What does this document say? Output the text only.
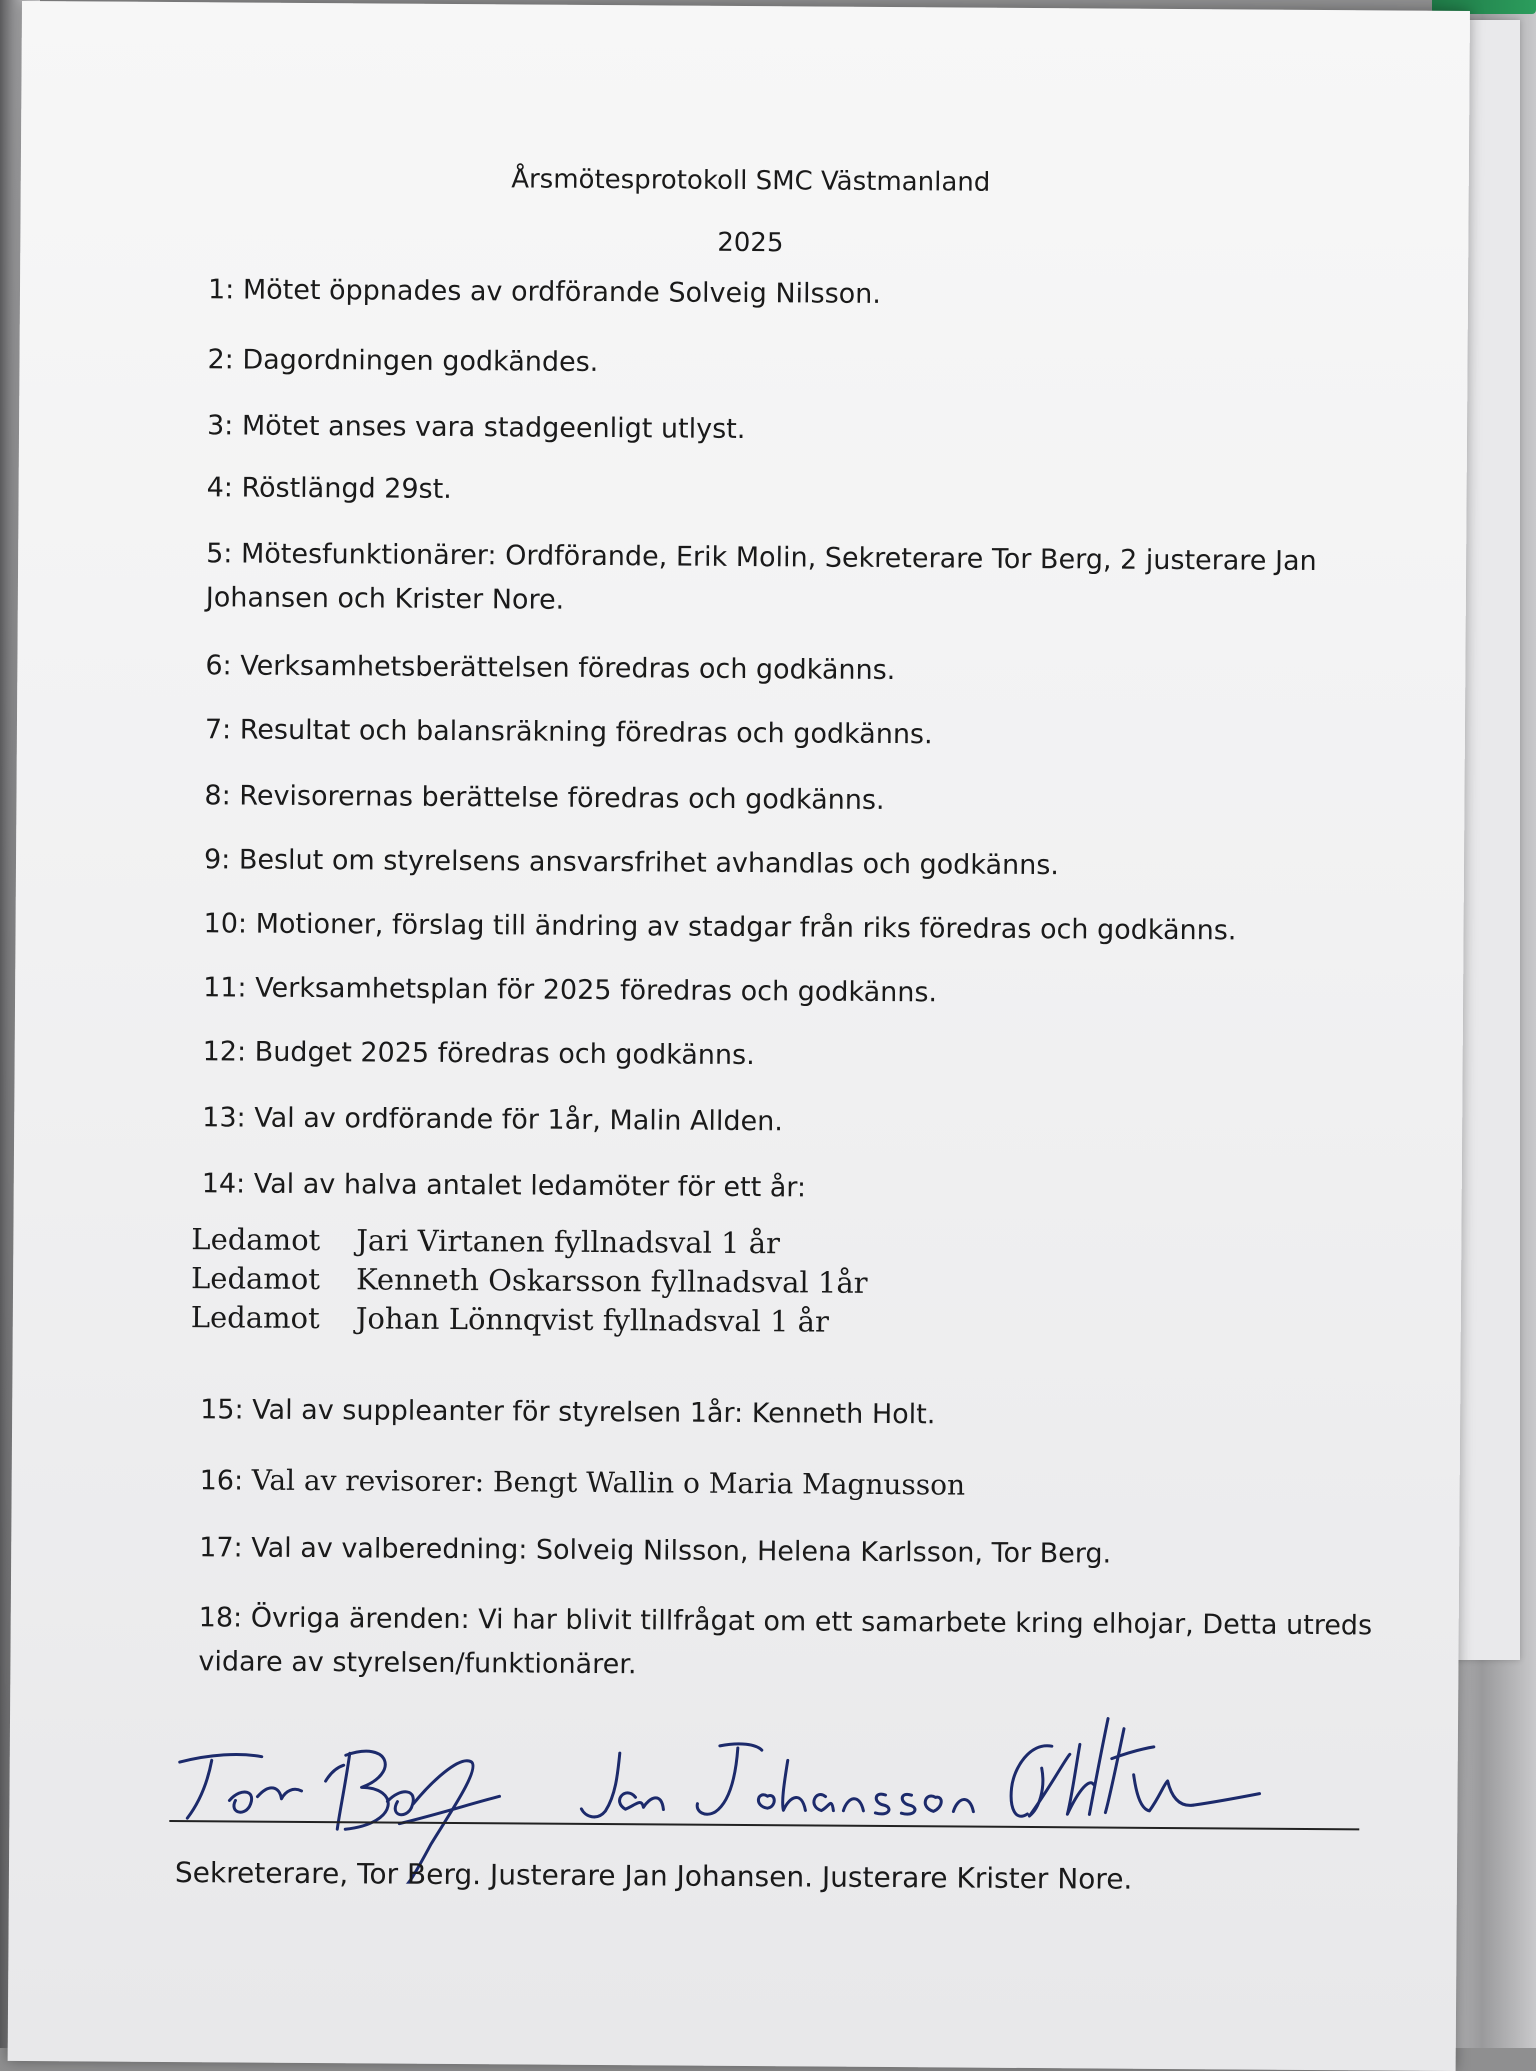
Årsmötesprotokoll SMC Västmanland
2025
1: Mötet öppnades av ordförande Solveig Nilsson.
2: Dagordningen godkändes.
3: Mötet anses vara stadgeenligt utlyst.
4: Röstlängd 29st.
5: Mötesfunktionärer: Ordförande, Erik Molin, Sekreterare Tor Berg, 2 justerare Jan Johansen och Krister Nore.
6: Verksamhetsberättelsen föredras och godkänns.
7: Resultat och balansräkning föredras och godkänns.
8: Revisorernas berättelse föredras och godkänns.
9: Beslut om styrelsens ansvarsfrihet avhandlas och godkänns.
10: Motioner, förslag till ändring av stadgar från riks föredras och godkänns.
11: Verksamhetsplan för 2025 föredras och godkänns.
12: Budget 2025 föredras och godkänns.
13: Val av ordförande för 1år, Malin Allden.
14: Val av halva antalet ledamöter för ett år:
Ledamot Jari Virtanen fyllnadsval 1 år
Ledamot Kenneth Oskarsson fyllnadsval 1år
Ledamot Johan Lönnqvist fyllnadsval 1 år
15: Val av suppleanter för styrelsen 1år: Kenneth Holt.
16: Val av revisorer: Bengt Wallin o Maria Magnusson
17: Val av valberedning: Solveig Nilsson, Helena Karlsson, Tor Berg.
18: Övriga ärenden: Vi har blivit tillfrågat om ett samarbete kring elhojar, Detta utreds vidare av styrelsen/funktionärer.
Sekreterare, Tor Berg. Justerare Jan Johansen. Justerare Krister Nore.
